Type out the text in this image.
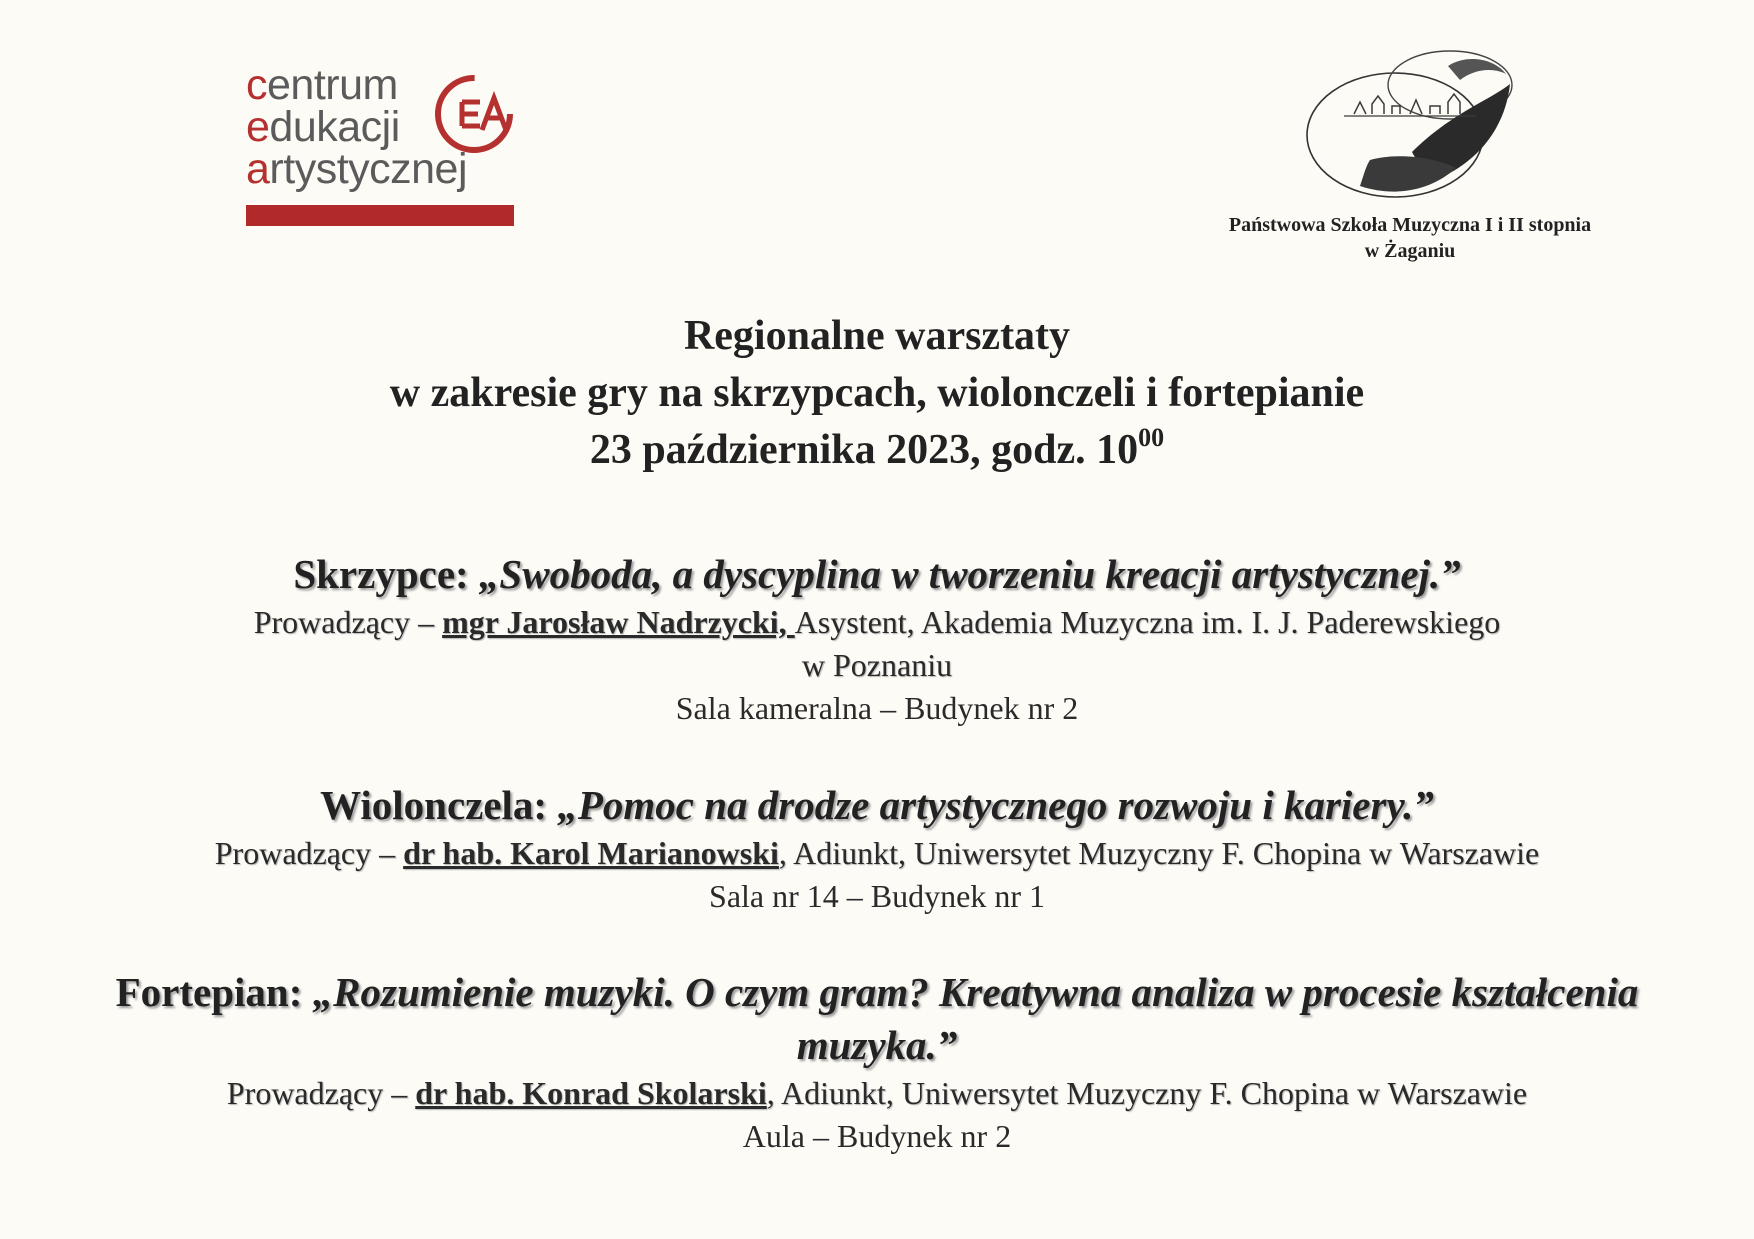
centrum
edukacji
artystycznej
Państwowa Szkoła Muzyczna I i II stopnia
w Żaganiu
Regionalne warsztaty
w zakresie gry na skrzypcach, wiolonczeli i fortepianie
23 października 2023, godz. $10^{00}$
Skrzypce: „Swoboda, a dyscyplina w tworzeniu kreacji artystycznej.”
Prowadzący – mgr Jarosław Nadrzycki, Asystent, Akademia Muzyczna im. I. J. Paderewskiego
w Poznaniu
Sala kameralna – Budynek nr 2
Wiolonczela: „Pomoc na drodze artystycznego rozwoju i kariery.”
Prowadzący – dr hab. Karol Marianowski, Adiunkt, Uniwersytet Muzyczny F. Chopina w Warszawie
Sala nr 14 – Budynek nr 1
Fortepian: „Rozumienie muzyki. O czym gram? Kreatywna analiza w procesie kształcenia muzyka.”
Prowadzący – dr hab. Konrad Skolarski, Adiunkt, Uniwersytet Muzyczny F. Chopina w Warszawie
Aula – Budynek nr 2
